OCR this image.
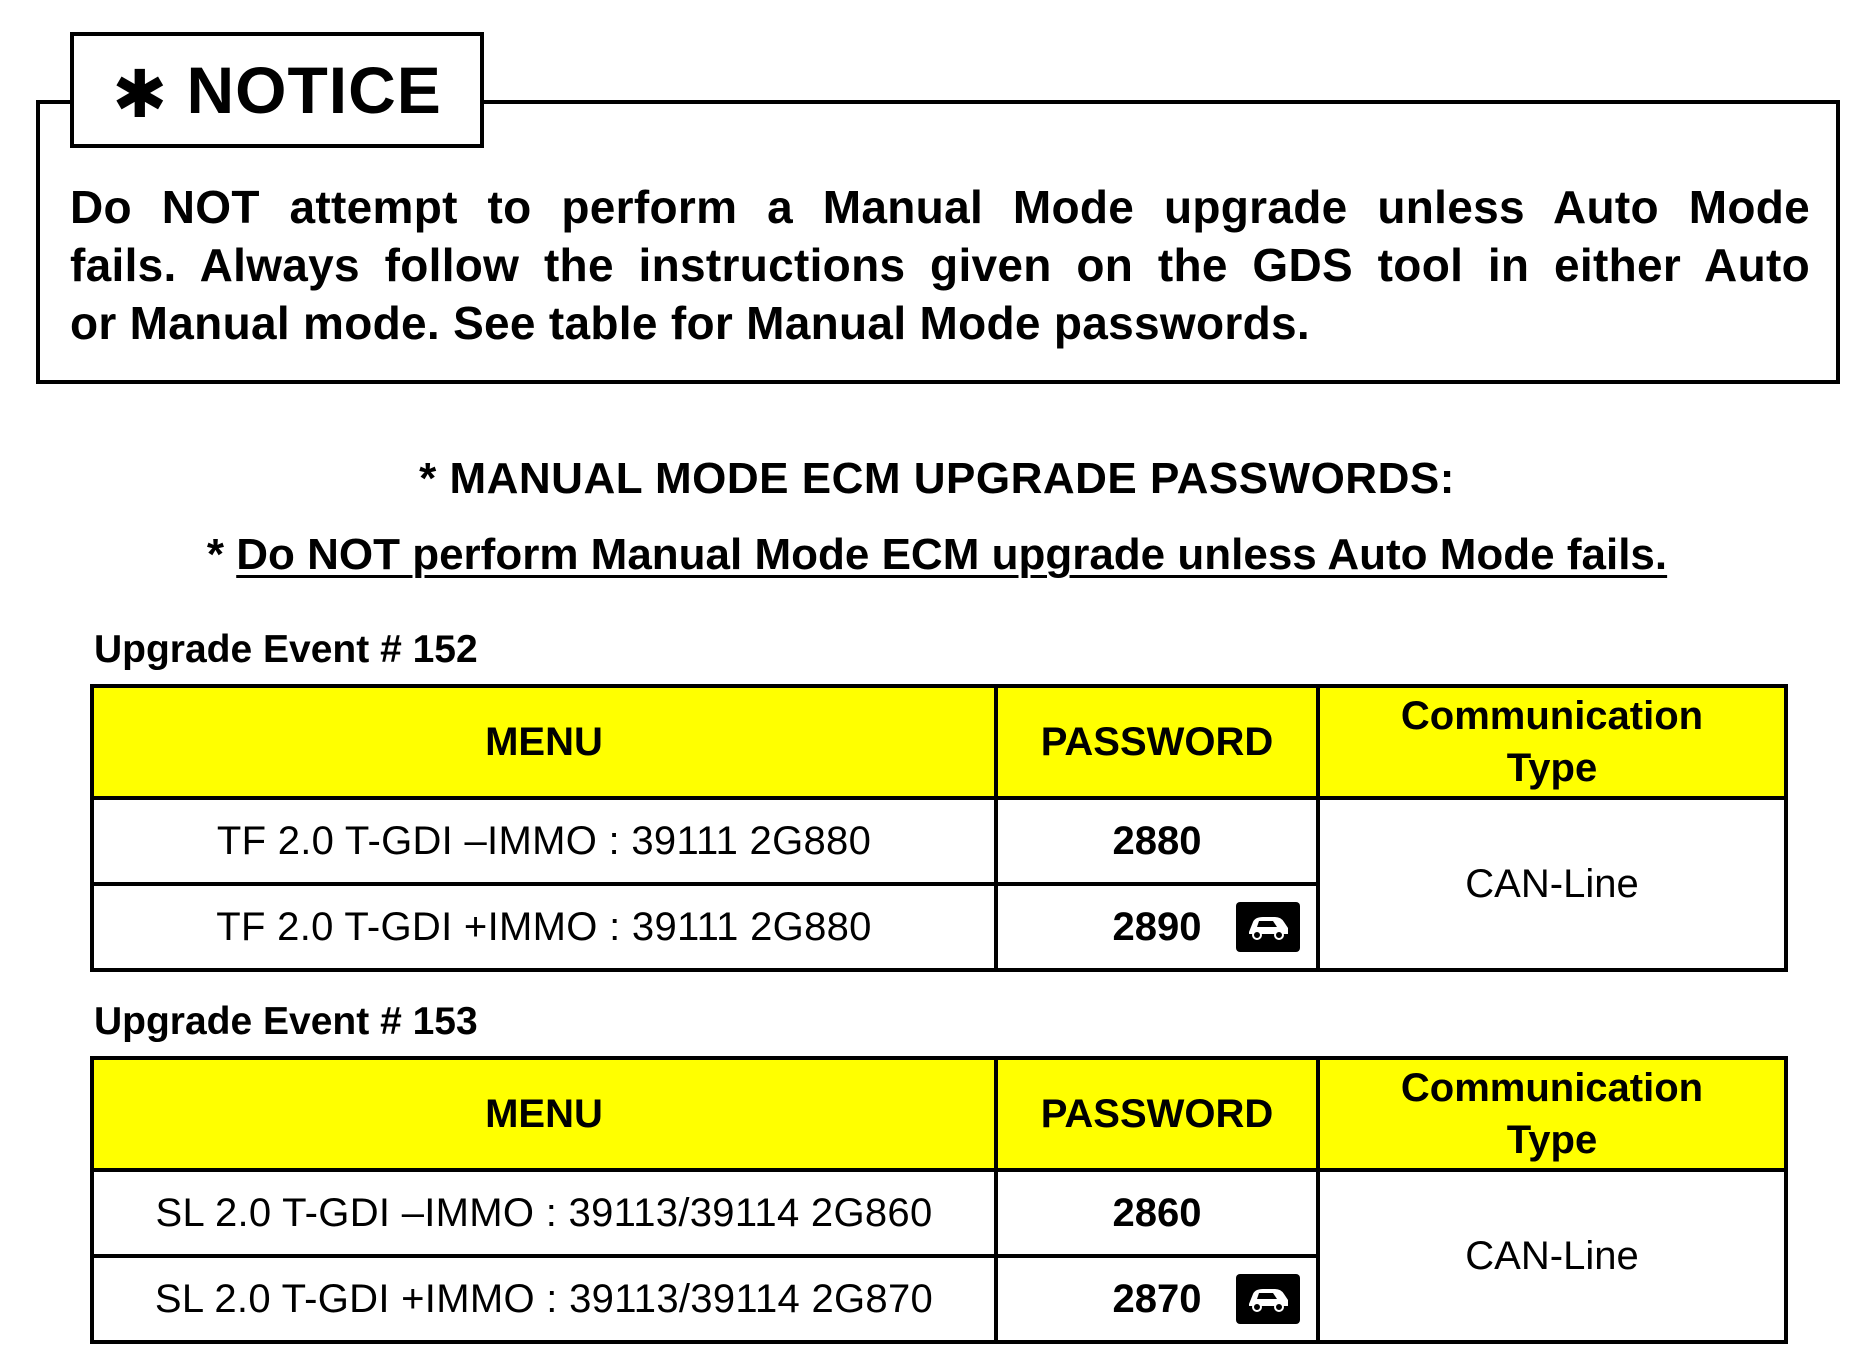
✱ NOTICE
Do NOT attempt to perform a Manual Mode upgrade unless Auto Mode
fails. Always follow the instructions given on the GDS tool in either Auto
or Manual mode. See table for Manual Mode passwords.
* MANUAL MODE ECM UPGRADE PASSWORDS:
* Do NOT perform Manual Mode ECM upgrade unless Auto Mode fails.
Upgrade Event # 152
MENU	PASSWORD	Communication
Type
TF 2.0 T-GDI –IMMO : 39111 2G880	2880	CAN-Line
TF 2.0 T-GDI +IMMO : 39111 2G880	2890	
Upgrade Event # 153
MENU	PASSWORD	Communication
Type
SL 2.0 T-GDI –IMMO : 39113/39114 2G860	2860	CAN-Line
SL 2.0 T-GDI +IMMO : 39113/39114 2G870	2870	
